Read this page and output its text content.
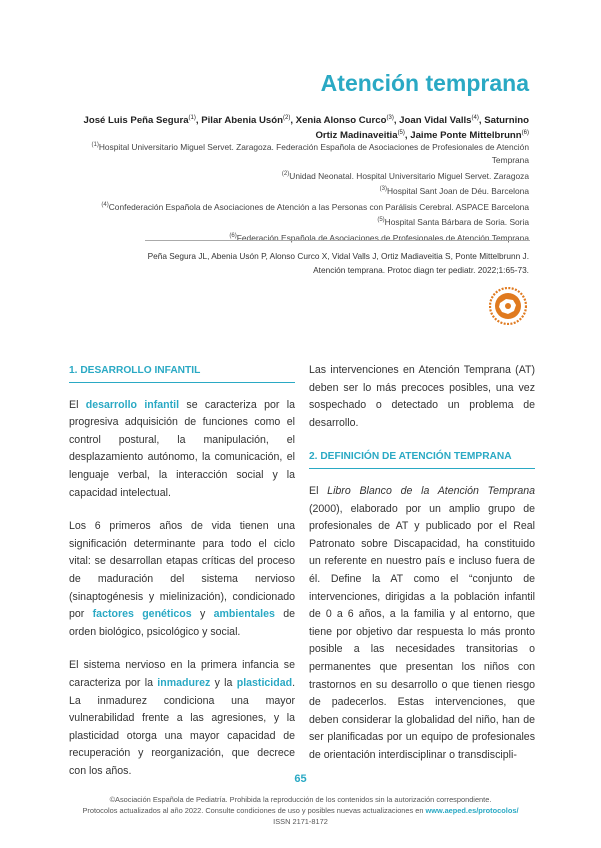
Atención temprana
José Luis Peña Segura$^{(1)}$, Pilar Abenia Usón$^{(2)}$, Xenia Alonso Curco$^{(3)}$, Joan Vidal Valls$^{(4)}$, Saturnino Ortiz Madinaveitia$^{(5)}$, Jaime Ponte Mittelbrunn$^{(6)}$
$^{(1)}$Hospital Universitario Miguel Servet. Zaragoza. Federación Española de Asociaciones de Profesionales de Atención Temprana
$^{(2)}$Unidad Neonatal. Hospital Universitario Miguel Servet. Zaragoza
$^{(3)}$Hospital Sant Joan de Déu. Barcelona
$^{(4)}$Confederación Española de Asociaciones de Atención a las Personas con Parálisis Cerebral. ASPACE Barcelona
$^{(5)}$Hospital Santa Bárbara de Soria. Soria
$^{(6)}$Federación Española de Asociaciones de Profesionales de Atención Temprana
Peña Segura JL, Abenia Usón P, Alonso Curco X, Vidal Valls J, Ortiz Madiaveitia S, Ponte Mittelbrunn J.
Atención temprana. Protoc diagn ter pediatr. 2022;1:65-73.
1. DESARROLLO INFANTIL

El desarrollo infantil se caracteriza por la progresiva adquisición de funciones como el control postural, la manipulación, el desplazamiento autónomo, la comunicación, el lenguaje verbal, la interacción social y la capacidad intelectual.

Los 6 primeros años de vida tienen una significación determinante para todo el ciclo vital: se desarrollan etapas críticas del proceso de maduración del sistema nervioso (sinaptogénesis y mielinización), condicionado por factores genéticos y ambientales de orden biológico, psicológico y social.

El sistema nervioso en la primera infancia se caracteriza por la inmadurez y la plasticidad. La inmadurez condiciona una mayor vulnerabilidad frente a las agresiones, y la plasticidad otorga una mayor capacidad de recuperación y reorganización, que decrece con los años.

Las intervenciones en Atención Temprana (AT) deben ser lo más precoces posibles, una vez sospechado o detectado un problema de desarrollo.

2. DEFINICIÓN DE ATENCIÓN TEMPRANA

El Libro Blanco de la Atención Temprana (2000), elaborado por un amplio grupo de profesionales de AT y publicado por el Real Patronato sobre Discapacidad, ha constituido un referente en nuestro país e incluso fuera de él. Define la AT como el “conjunto de intervenciones, dirigidas a la población infantil de 0 a 6 años, a la familia y al entorno, que tiene por objetivo dar respuesta lo más pronto posible a las necesidades transitorias o permanentes que presentan los niños con trastornos en su desarrollo o que tienen riesgo de padecerlos. Estas intervenciones, que deben considerar la globalidad del niño, han de ser planificadas por un equipo de profesionales de orientación interdisciplinar o transdiscipli-

65
©Asociación Española de Pediatría. Prohibida la reproducción de los contenidos sin la autorización correspondiente.
Protocolos actualizados al año 2022. Consulte condiciones de uso y posibles nuevas actualizaciones en www.aeped.es/protocolos/
ISSN 2171-8172
